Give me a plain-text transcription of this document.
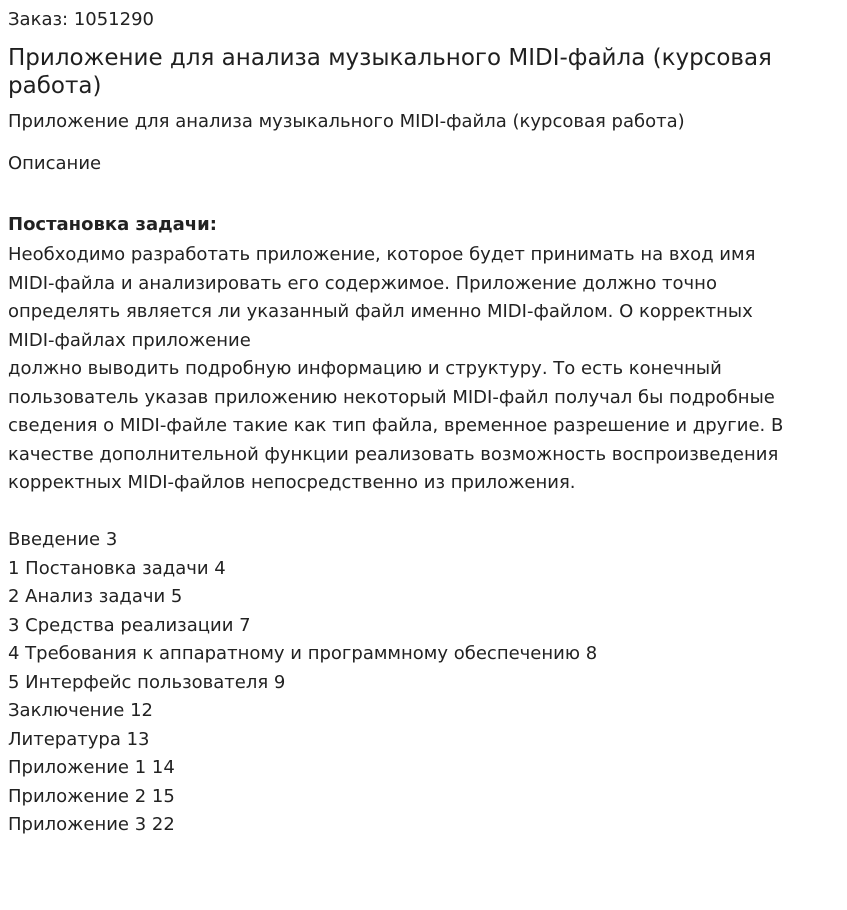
Заказ: 1051290
Приложение для анализа музыкального MIDI-файла (курсовая работа)
Приложение для анализа музыкального MIDI-файла (курсовая работа)
Описание
Постановка задачи:

Необходимо разработать приложение, которое будет принимать на вход имя

MIDI-файла и анализировать его содержимое. Приложение должно точно

определять является ли указанный файл именно MIDI-файлом. О корректных

MIDI-файлах приложение

должно выводить подробную информацию и структуру. То есть конечный

пользователь указав приложению некоторый MIDI-файл получал бы подробные

сведения о MIDI-файле такие как тип файла, временное разрешение и другие. В

качестве дополнительной функции реализовать возможность воспроизведения

корректных MIDI-файлов непосредственно из приложения.

Введение 3
1 Постановка задачи 4
2 Анализ задачи 5
3 Средства реализации 7
4 Требования к аппаратному и программному обеспечению 8
5 Интерфейс пользователя 9
Заключение 12
Литература 13
Приложение 1 14
Приложение 2 15
Приложение 3 22
